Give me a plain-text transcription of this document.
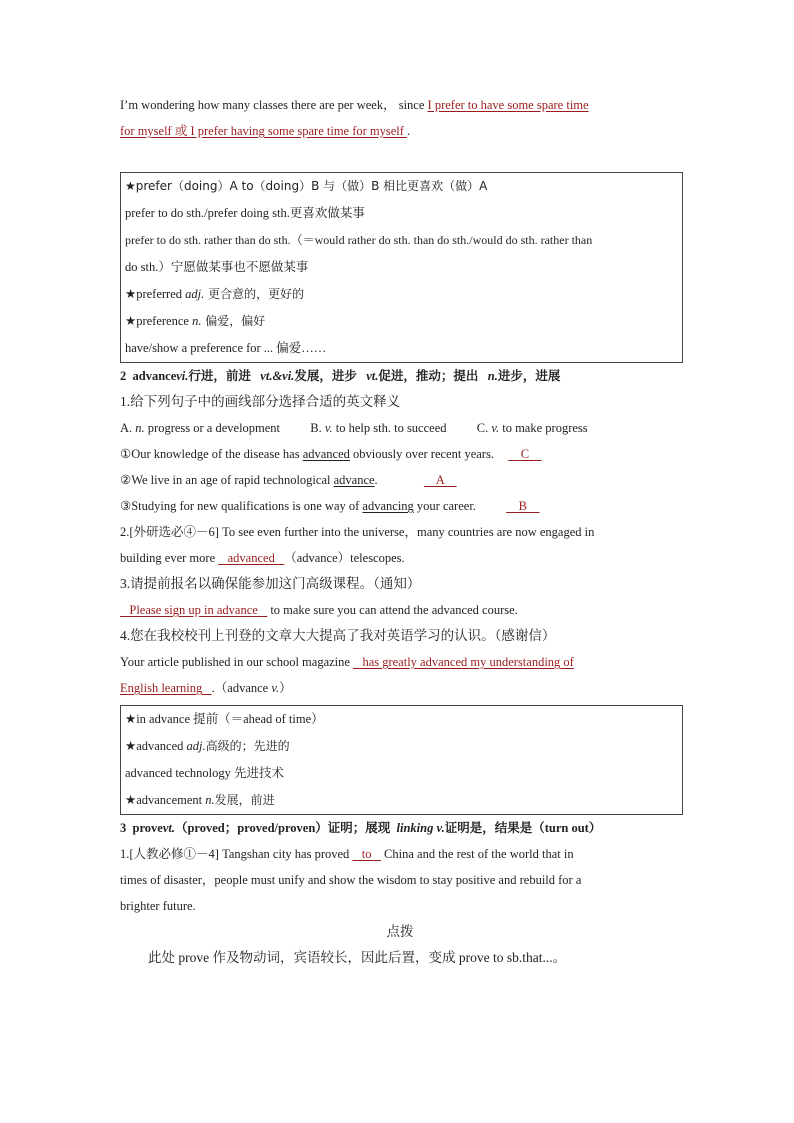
I’m wondering how many classes there are per week， since I prefer to have some spare time
for myself 或 I prefer having some spare time for myself .
★prefer（doing）A to（doing）B 与（做）B 相比更喜欢（做）A
prefer to do sth./prefer doing sth.更喜欢做某事
prefer to do sth. rather than do sth.（＝would rather do sth. than do sth./would do sth. rather than
do sth.）宁愿做某事也不愿做某事
★preferred adj. 更合意的，更好的
★preference n. 偏爱，偏好
have/show a preference for ... 偏爱……
2 advancevi.行进，前进 vt.&vi.发展，进步 vt.促进，推动；提出 n.进步，进展
1.给下列句子中的画线部分选择合适的英文释义
A. n. progress or a development B. v. to help sth. to succeed C. v. to make progress
①Our knowledge of the disease has advanced obviously over recent years.      C
②We live in an age of rapid technological advance.	A
③Studying for new qualifications is one way of advancing your career.      B
2.[外研选必④－6] To see even further into the universe，many countries are now engaged in
building ever more    advanced   （advance）telescopes.
3.请提前报名以确保能参加这门高级课程。（通知）
Please sign up in advance    to make sure you can attend the advanced course.
4.您在我校校刊上刊登的文章大大提高了我对英语学习的认识。（感谢信）
Your article published in our school magazine    has greatly advanced my understanding of
English learning   .（advance v.）
★in advance 提前（＝ahead of time）
★advanced adj.高级的；先进的
advanced technology 先进技术
★advancement n.发展，前进
3 provevt.（proved；proved/proven）证明；展现 linking v.证明是，结果是（turn out）
1.[人教必修①－4] Tangshan city has proved    to    China and the rest of the world that in
times of disaster，people must unify and show the wisdom to stay positive and rebuild for a
brighter future.
点拨
此处 prove 作及物动词，宾语较长，因此后置，变成 prove to sb.that...。
